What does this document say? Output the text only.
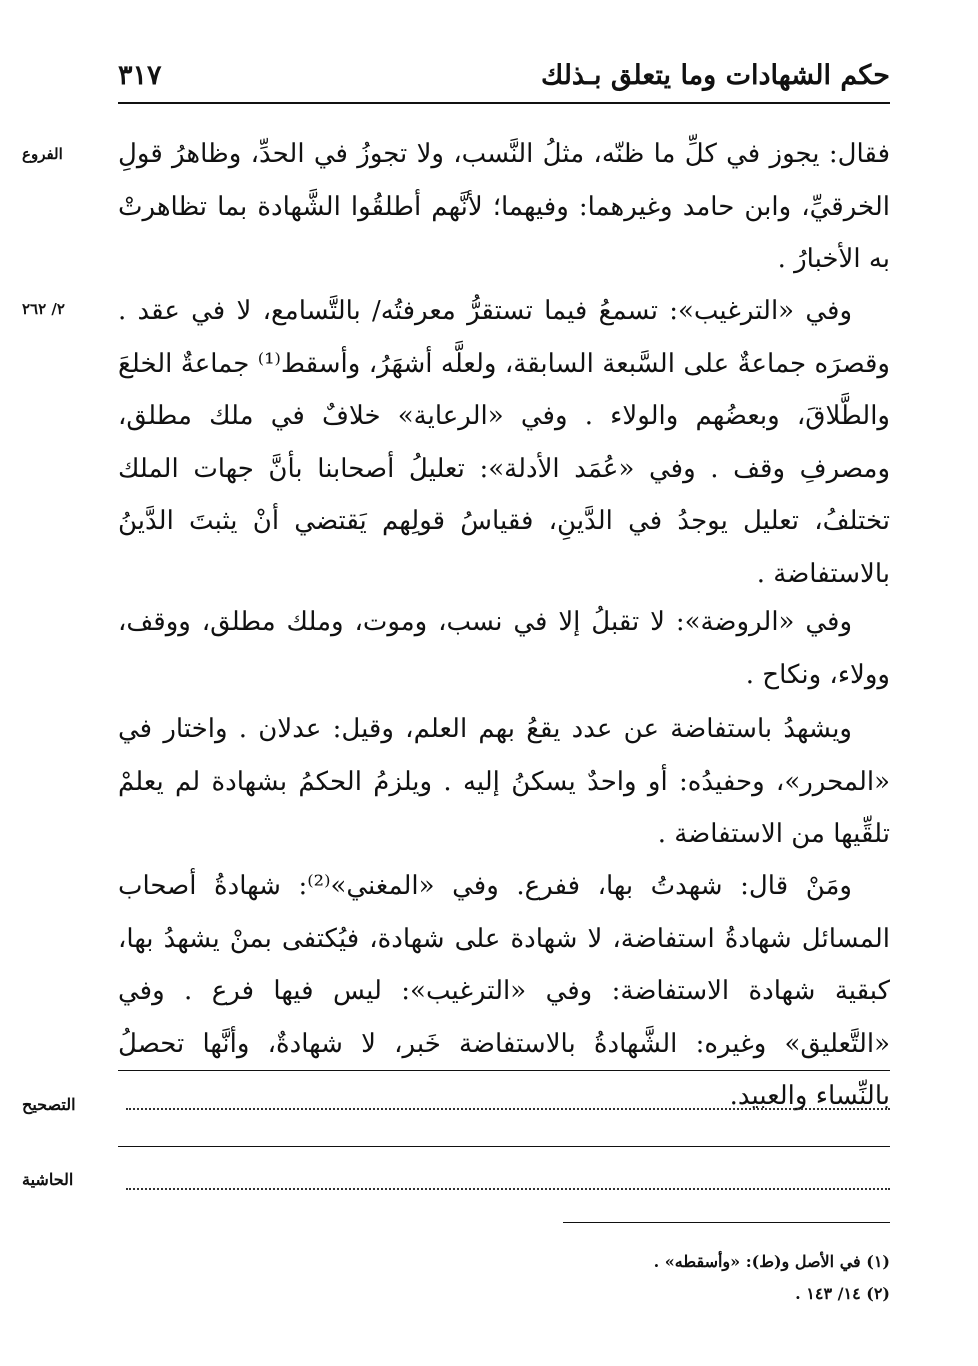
حكم الشهادات وما يتعلق بـذلك
٣١٧
الفروع
٢/ ٢٦٢

فقال: يجوز في كلِّ ما ظنّه، مثلُ النَّسب، ولا تجوزُ في الحدِّ، وظاهرُ قولِ الخرقيِّ، وابن حامد وغيرهما: وفيهما؛ لأنَّهم أطلقُوا الشَّهادة بما تظاهرتْ به الأخبارُ .

وفي «الترغيب»: تسمعُ فيما تستقرُّ معرفتُه/ بالتَّسامع، لا في عقد . وقصرَه جماعةٌ على السَّبعة السابقة، ولعلَّه أشهَرُ، وأسقط⁽¹⁾ جماعةٌ الخلعَ والطَّلاقَ، وبعضُهم والولاء . وفي «الرعاية» خلافٌ في ملك مطلق، ومصرفِ وقف . وفي «عُمَد الأدلة»: تعليلُ أصحابنا بأنَّ جهات الملك تختلفُ، تعليل يوجدُ في الدَّينِ، فقياسُ قولِهم يَقتضي أنْ يثبتَ الدَّينُ بالاستفاضة .

وفي «الروضة»: لا تقبلُ إلا في نسب، وموت، وملك مطلق، ووقف، وولاء، ونكاح .

ويشهدُ باستفاضة عن عدد يقعُ بهم العلم، وقيل: عدلان . واختار في «المحرر»، وحفيدُه: أو واحدٌ يسكنُ إليه . ويلزمُ الحكمُ بشهادة لم يعلمْ تلقِّيها من الاستفاضة .

ومَنْ قال: شهدتُ بها، ففرع. وفي «المغني»⁽²⁾: شهادةُ أصحاب المسائل شهادةُ استفاضة، لا شهادة على شهادة، فيُكتفى بمنْ يشهدُ بها، كبقية شهادة الاستفاضة: وفي «الترغيب»: ليس فيها فرع . وفي «التَّعليق» وغيره: الشَّهادةُ بالاستفاضة خَبر، لا شهادةٌ، وأنَّها تحصلُ بالنِّساء والعبيد.

التصحيح
الحاشية
(١) في الأصل و(ط): «وأسقطه» .
(٢) ١٤/ ١٤٣ .
